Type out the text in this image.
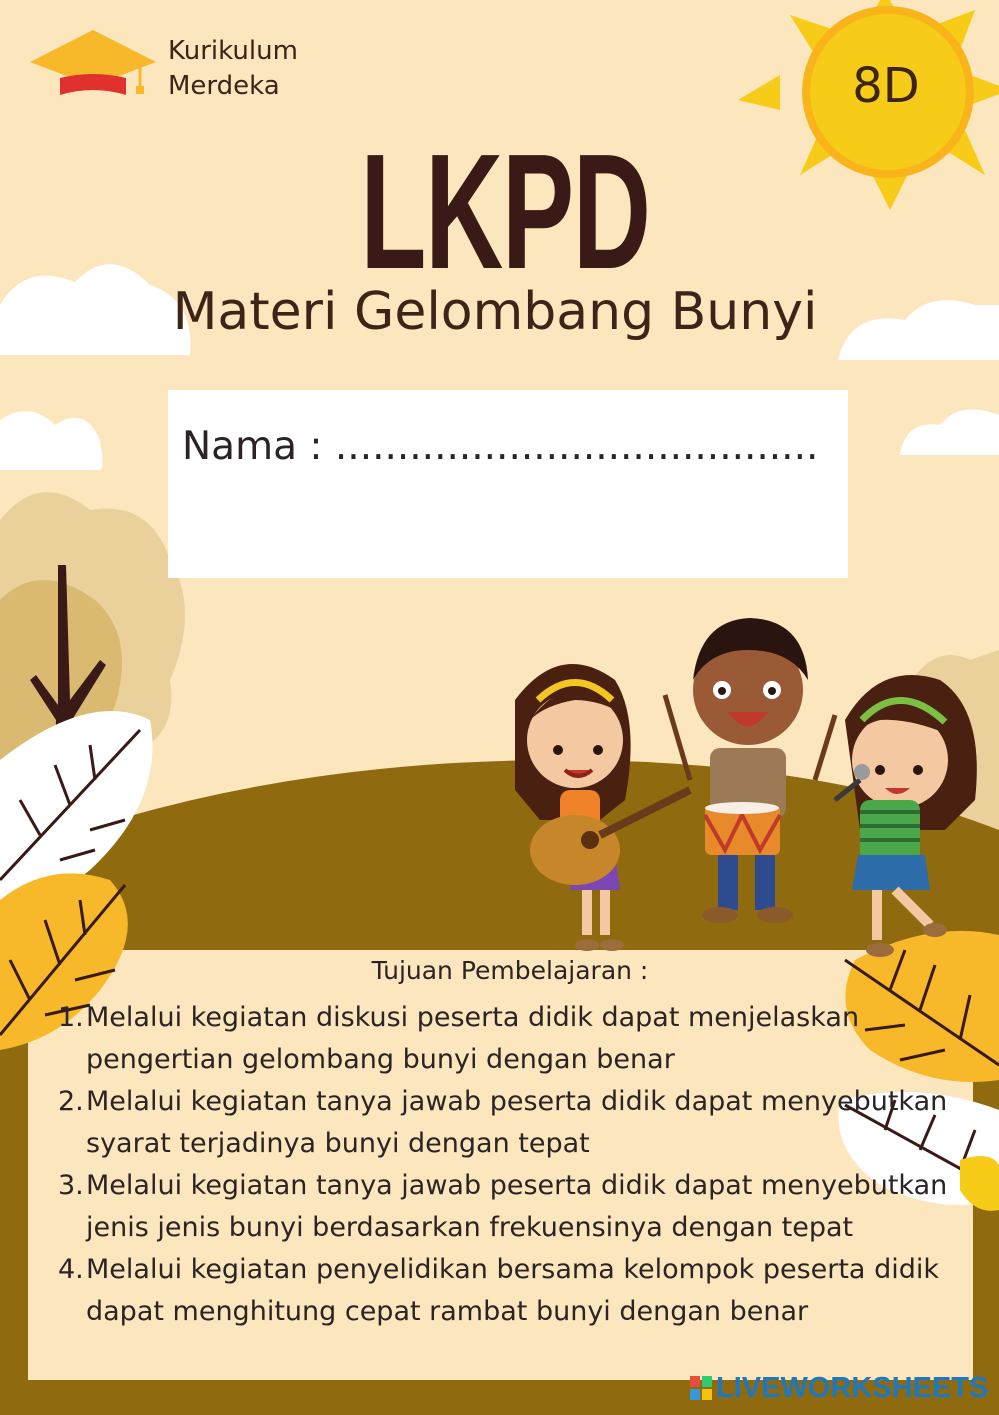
Kurikulum
Merdeka	8D
LKPD
Materi Gelombang Bunyi
Nama : .......................................
Tujuan Pembelajaran :
1. Melalui kegiatan diskusi peserta didik dapat menjelaskan pengertian gelombang bunyi dengan benar
2. Melalui kegiatan tanya jawab peserta didik dapat menyebutkan syarat terjadinya bunyi dengan tepat
3. Melalui kegiatan tanya jawab peserta didik dapat menyebutkan jenis jenis bunyi berdasarkan frekuensinya dengan tepat
4. Melalui kegiatan penyelidikan bersama kelompok peserta didik dapat menghitung cepat rambat bunyi dengan benar
LIVEWORKSHEETS
